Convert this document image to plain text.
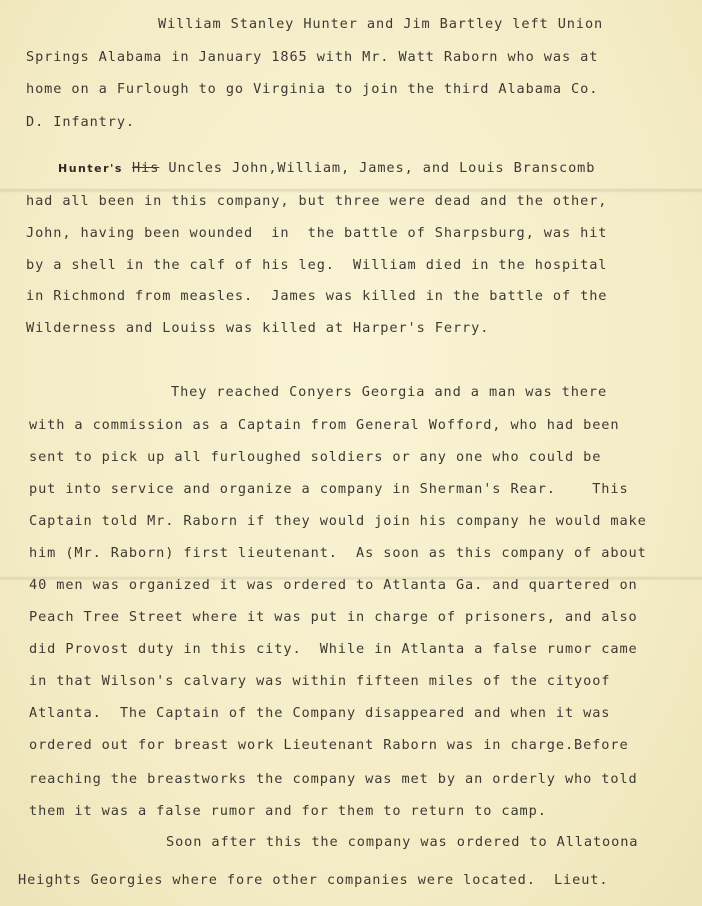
William Stanley Hunter and Jim Bartley left Union
Springs Alabama in January 1865 with Mr. Watt Raborn who was at
home on a Furlough to go Virginia to join the third Alabama Co.
D. Infantry.
Hunter's His Uncles John,William, James, and Louis Branscomb
had all been in this company, but three were dead and the other,
John, having been wounded  in  the battle of Sharpsburg, was hit
by a shell in the calf of his leg.  William died in the hospital
in Richmond from measles.  James was killed in the battle of the
Wilderness and Louiss was killed at Harper's Ferry.
They reached Conyers Georgia and a man was there
with a commission as a Captain from General Wofford, who had been
sent to pick up all furloughed soldiers or any one who could be
put into service and organize a company in Sherman's Rear.    This
Captain told Mr. Raborn if they would join his company he would make
him (Mr. Raborn) first lieutenant.  As soon as this company of about
40 men was organized it was ordered to Atlanta Ga. and quartered on
Peach Tree Street where it was put in charge of prisoners, and also
did Provost duty in this city.  While in Atlanta a false rumor came
in that Wilson's calvary was within fifteen miles of the cityoof
Atlanta.  The Captain of the Company disappeared and when it was
ordered out for breast work Lieutenant Raborn was in charge.Before
reaching the breastworks the company was met by an orderly who told
them it was a false rumor and for them to return to camp.
Soon after this the company was ordered to Allatoona
Heights Georgies where fore other companies were located.  Lieut.
